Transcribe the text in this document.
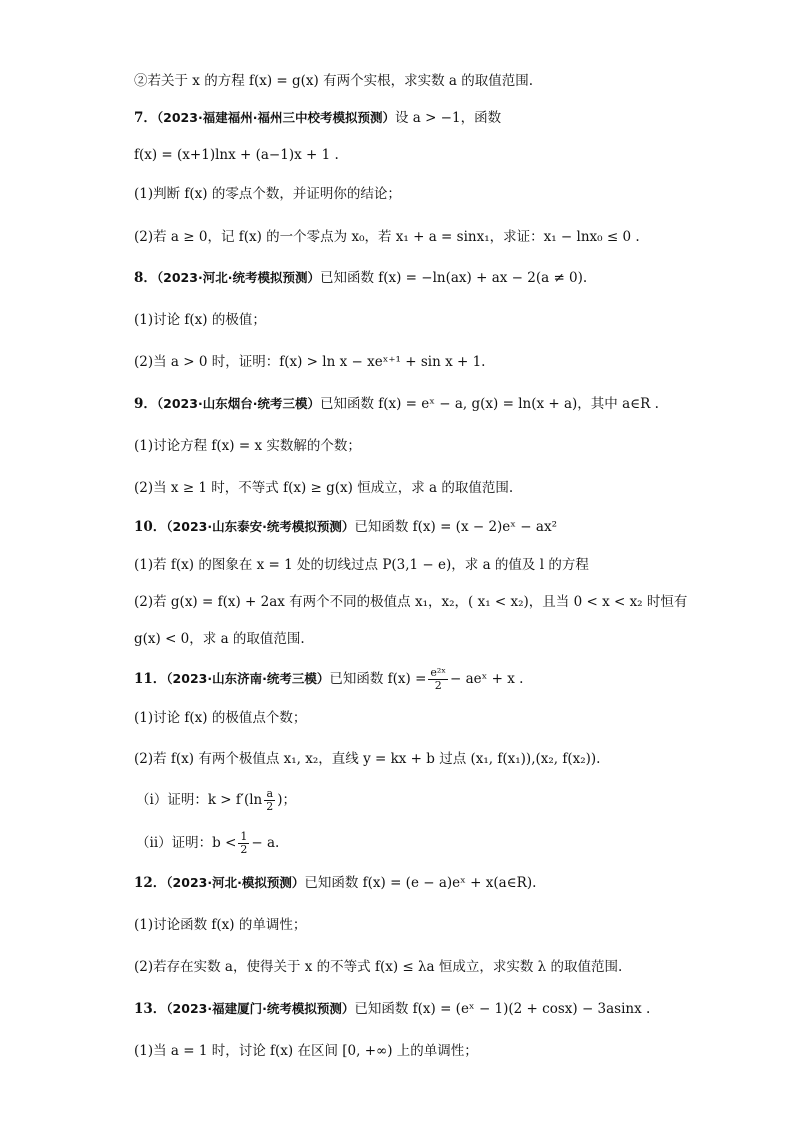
②若关于 x 的方程 f(x) = g(x) 有两个实根，求实数 a 的取值范围.
7．（2023·福建福州·福州三中校考模拟预测）设 a > −1，函数
f(x) = (x+1)lnx + (a−1)x + 1 .
(1)判断 f(x) 的零点个数，并证明你的结论；
(2)若 a ≥ 0，记 f(x) 的一个零点为 x₀，若 x₁ + a = sinx₁，求证：x₁ − lnx₀ ≤ 0 .
8．（2023·河北·统考模拟预测）已知函数 f(x) = −ln(ax) + ax − 2(a ≠ 0).
(1)讨论 f(x) 的极值；
(2)当 a > 0 时，证明：f(x) > ln x − xeˣ⁺¹ + sin x + 1.
9．（2023·山东烟台·统考三模）已知函数 f(x) = eˣ − a, g(x) = ln(x + a)，其中 a∈R .
(1)讨论方程 f(x) = x 实数解的个数；
(2)当 x ≥ 1 时，不等式 f(x) ≥ g(x) 恒成立，求 a 的取值范围.
10．（2023·山东泰安·统考模拟预测）已知函数 f(x) = (x − 2)eˣ − ax²
(1)若 f(x) 的图象在 x = 1 处的切线过点 P(3,1 − e)，求 a 的值及 l 的方程
(2)若 g(x) = f(x) + 2ax 有两个不同的极值点 x₁，x₂，( x₁ < x₂)，且当 0 < x < x₂ 时恒有
g(x) < 0，求 a 的取值范围.
11．（2023·山东济南·统考三模）已知函数 $f(x) = \frac{\text{e²ˣ}}{2}$ − aeˣ + x .
(1)讨论 f(x) 的极值点个数；
(2)若 f(x) 有两个极值点 x₁, x₂，直线 y = kx + b 过点 (x₁, f(x₁)),(x₂, f(x₂)).
（i）证明：$k > f'(\ln \frac{a}{2}$ )；
（ii）证明：$b < \frac{1}{2} - a$.
12．（2023·河北·模拟预测）已知函数 f(x) = (e − a)eˣ + x(a∈R).
(1)讨论函数 f(x) 的单调性；
(2)若存在实数 a，使得关于 x 的不等式 f(x) ≤ λa 恒成立，求实数 λ 的取值范围.
13．（2023·福建厦门·统考模拟预测）已知函数 f(x) = (eˣ − 1)(2 + cosx) − 3asinx .
(1)当 a = 1 时，讨论 f(x) 在区间 [0, +∞) 上的单调性；
